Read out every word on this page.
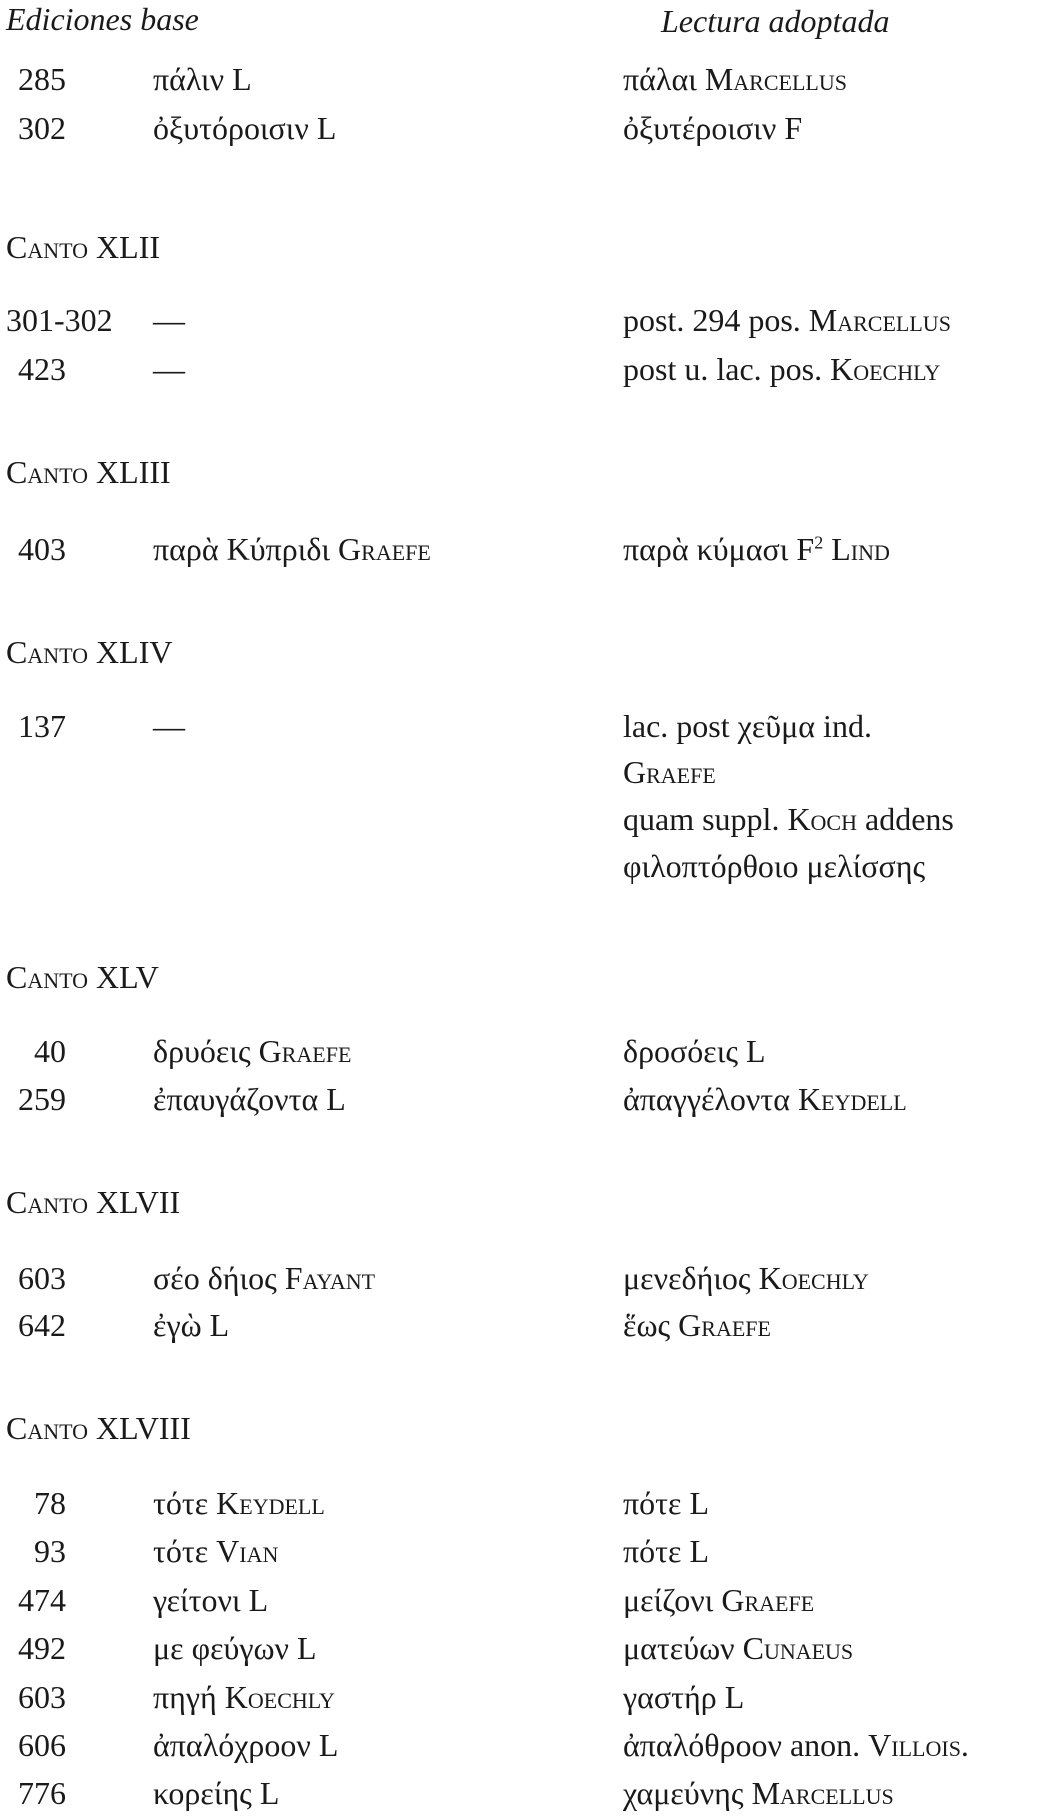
Ediciones base	Lectura adoptada
285	πάλιν L	πάλαι Marcellus
302	ὀξυτόροισιν L	ὀξυτέροισιν F
Canto XLII
301-302	—	post. 294 pos. Marcellus
423	—	post u. lac. pos. Koechly
Canto XLIII
403	παρὰ Κύπριδι Graefe	παρὰ κύμασι $F^2$ Lind
Canto XLIV
137	—	lac. post χεῦμα ind.
Graefe
quam suppl. Koch addens
φιλοπτόρθοιο μελίσσης
Canto XLV
40	δρυόεις Graefe	δροσόεις L
259	ἐπαυγάζοντα L	ἀπαγγέλοντα Keydell
Canto XLVII
603	σέο δήιος Fayant	μενεδήιος Koechly
642	ἐγὼ L	ἕως Graefe
Canto XLVIII
78	τότε Keydell	πότε L
93	τότε Vian	πότε L
474	γείτονι L	μείζονι Graefe
492	με φεύγων L	ματεύων Cunaeus
603	πηγή Koechly	γαστήρ L
606	ἀπαλόχροον L	ἀπαλόθροον anon. Villois.
776	κορείης L	χαμεύνης Marcellus
